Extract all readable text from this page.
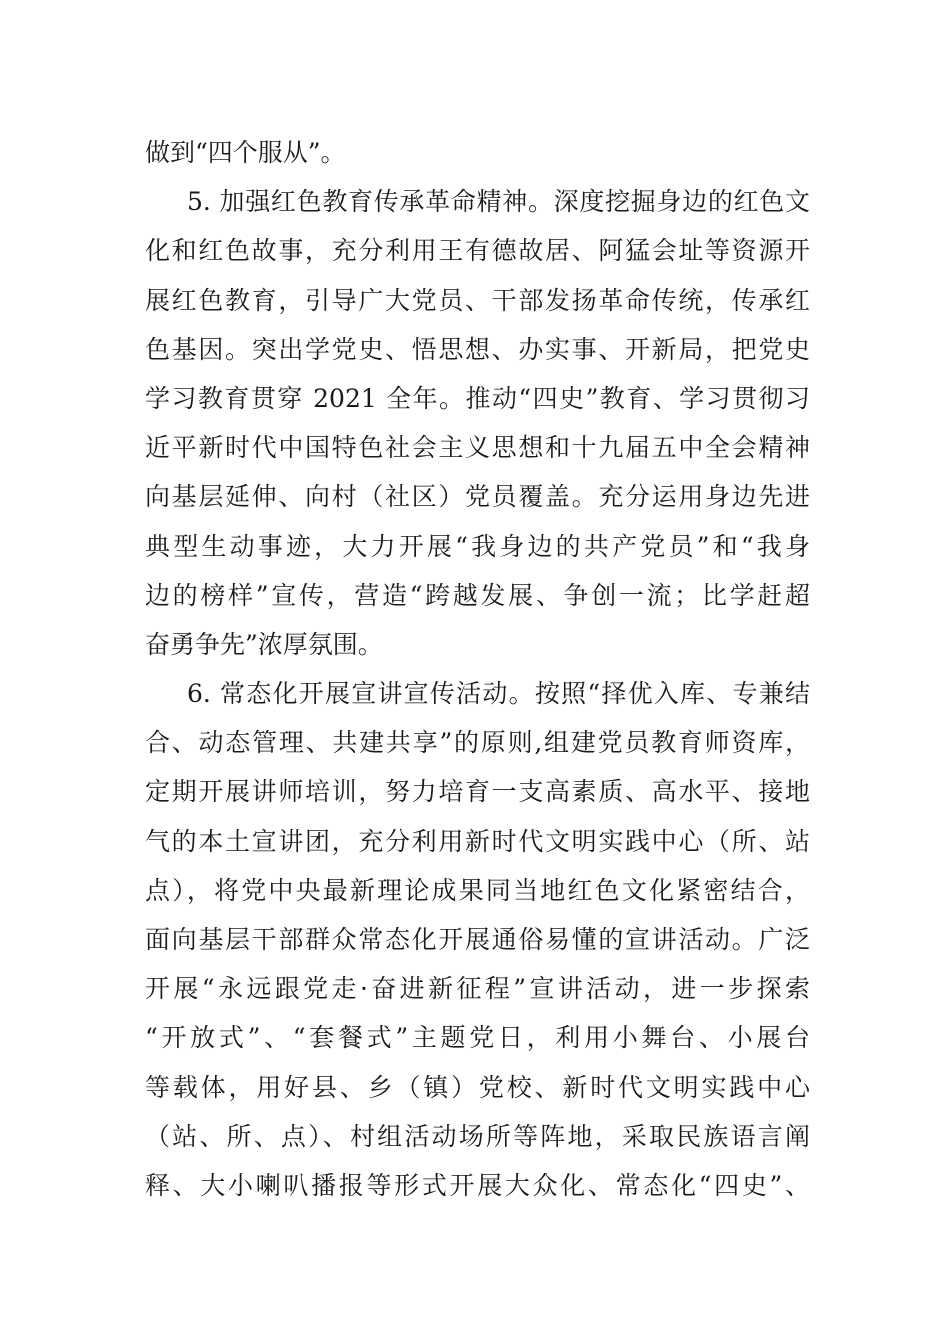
做到“四个服从”。
5. 加强红色教育传承革命精神。深度挖掘身边的红色文
化和红色故事，充分利用王有德故居、阿猛会址等资源开
展红色教育，引导广大党员、干部发扬革命传统，传承红
色基因。突出学党史、悟思想、办实事、开新局，把党史
学习教育贯穿 2021 全年。推动“四史”教育、学习贯彻习
近平新时代中国特色社会主义思想和十九届五中全会精神
向基层延伸、向村（社区）党员覆盖。充分运用身边先进
典型生动事迹，大力开展“我身边的共产党员”和“我身
边的榜样”宣传，营造“跨越发展、争创一流；比学赶超
奋勇争先”浓厚氛围。
6. 常态化开展宣讲宣传活动。按照“择优入库、专兼结
合、动态管理、共建共享”的原则,组建党员教育师资库，
定期开展讲师培训，努力培育一支高素质、高水平、接地
气的本土宣讲团，充分利用新时代文明实践中心（所、站
点），将党中央最新理论成果同当地红色文化紧密结合，
面向基层干部群众常态化开展通俗易懂的宣讲活动。广泛
开展“永远跟党走·奋进新征程”宣讲活动，进一步探索
“开放式”、“套餐式”主题党日，利用小舞台、小展台
等载体，用好县、乡（镇）党校、新时代文明实践中心
（站、所、点）、村组活动场所等阵地，采取民族语言阐
释、大小喇叭播报等形式开展大众化、常态化“四史”、
